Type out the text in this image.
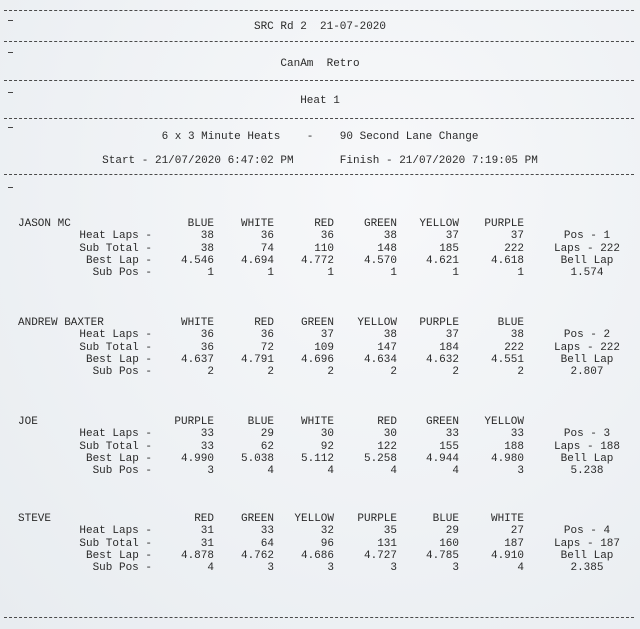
SRC Rd 2  21-07-2020
CanAm  Retro
Heat 1
6 x 3 Minute Heats    -    90 Second Lane Change
Start - 21/07/2020 6:47:02 PM       Finish - 21/07/2020 7:19:05 PM
JASON MC	BLUE	WHITE	RED	GREEN	YELLOW	PURPLE
Heat Laps -	38	36	36	38	37	37
Sub Total -	38	74	110	148	185	222
Best Lap -	4.546	4.694	4.772	4.570	4.621	4.618
Sub Pos -	1	1	1	1	1	1
Pos - 1
Laps - 222
Bell Lap
1.574
ANDREW BAXTER	WHITE	RED	GREEN	YELLOW	PURPLE	BLUE
Heat Laps -	36	36	37	38	37	38
Sub Total -	36	72	109	147	184	222
Best Lap -	4.637	4.791	4.696	4.634	4.632	4.551
Sub Pos -	2	2	2	2	2	2
Pos - 2
Laps - 222
Bell Lap
2.807
JOE	PURPLE	BLUE	WHITE	RED	GREEN	YELLOW
Heat Laps -	33	29	30	30	33	33
Sub Total -	33	62	92	122	155	188
Best Lap -	4.990	5.038	5.112	5.258	4.944	4.980
Sub Pos -	3	4	4	4	4	3
Pos - 3
Laps - 188
Bell Lap
5.238
STEVE	RED	GREEN	YELLOW	PURPLE	BLUE	WHITE
Heat Laps -	31	33	32	35	29	27
Sub Total -	31	64	96	131	160	187
Best Lap -	4.878	4.762	4.686	4.727	4.785	4.910
Sub Pos -	4	3	3	3	3	4
Pos - 4
Laps - 187
Bell Lap
2.385
